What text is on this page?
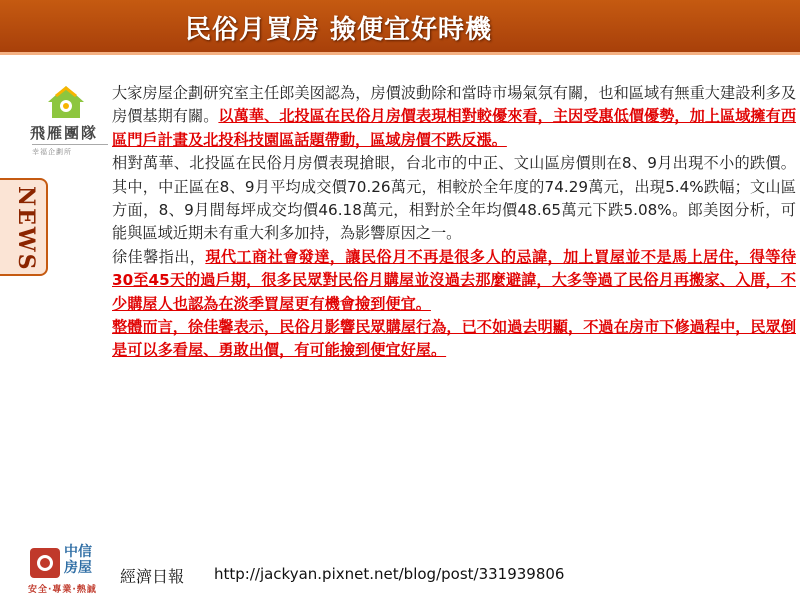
民俗月買房 撿便宜好時機
飛雁團隊
幸福企劃所
NEWS

大家房屋企劃研究室主任郎美囡認為，房價波動除和當時市場氣氛有關，也和區域有無重大建設利多及房價基期有關。以萬華、北投區在民俗月房價表現相對較優來看，主因受惠低價優勢，加上區域擁有西區門戶計畫及北投科技園區話題帶動，區域房價不跌反漲。

相對萬華、北投區在民俗月房價表現搶眼，台北市的中正、文山區房價則在8、9月出現不小的跌價。其中，中正區在8、9月平均成交價70.26萬元，相較於全年度的74.29萬元，出現5.4%跌幅；文山區方面，8、9月間每坪成交均價46.18萬元，相對於全年均價48.65萬元下跌5.08%。郎美囡分析，可能與區域近期未有重大利多加持，為影響原因之一。

徐佳馨指出，現代工商社會發達，讓民俗月不再是很多人的忌諱，加上買屋並不是馬上居住，得等待30至45天的過戶期，很多民眾對民俗月購屋並沒過去那麼避諱，大多等過了民俗月再搬家、入厝，不少購屋人也認為在淡季買屋更有機會撿到便宜。

整體而言，徐佳馨表示，民俗月影響民眾購屋行為，已不如過去明顯，不過在房市下修過程中，民眾倒是可以多看屋、勇敢出價，有可能撿到便宜好屋。

中信房屋
安全·專業·熱誠
經濟日報 http://jackyan.pixnet.net/blog/post/331939806
